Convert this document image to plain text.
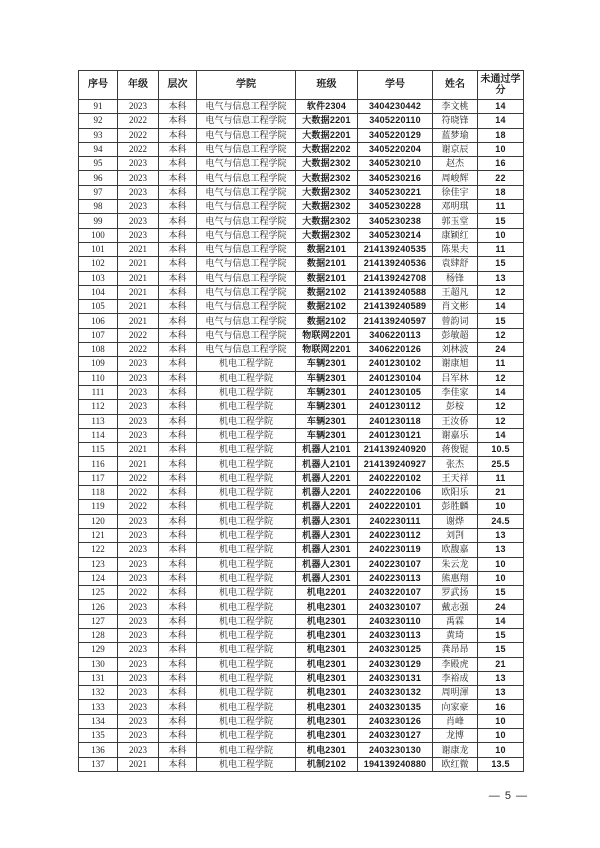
序号	年级	层次	学院	班级	学号	姓名	未通过学分
91	2023	本科	电气与信息工程学院	软件2304	3404230442	李文桃	14
92	2022	本科	电气与信息工程学院	大数据2201	3405220110	符晓锋	14
93	2022	本科	电气与信息工程学院	大数据2201	3405220129	蓝梦瑜	18
94	2022	本科	电气与信息工程学院	大数据2202	3405220204	谢京辰	10
95	2023	本科	电气与信息工程学院	大数据2302	3405230210	赵杰	16
96	2023	本科	电气与信息工程学院	大数据2302	3405230216	周峻辉	22
97	2023	本科	电气与信息工程学院	大数据2302	3405230221	徐佳宇	18
98	2023	本科	电气与信息工程学院	大数据2302	3405230228	邓明琪	11
99	2023	本科	电气与信息工程学院	大数据2302	3405230238	郭玉堂	15
100	2023	本科	电气与信息工程学院	大数据2302	3405230214	康颖红	10
101	2021	本科	电气与信息工程学院	数据2101	214139240535	陈果夫	11
102	2021	本科	电气与信息工程学院	数据2101	214139240536	袁肆舒	15
103	2021	本科	电气与信息工程学院	数据2101	214139242708	杨锋	13
104	2021	本科	电气与信息工程学院	数据2102	214139240588	王超凡	12
105	2021	本科	电气与信息工程学院	数据2102	214139240589	肖文彬	14
106	2021	本科	电气与信息工程学院	数据2102	214139240597	曾韵词	15
107	2022	本科	电气与信息工程学院	物联网2201	3406220113	彭敏超	12
108	2022	本科	电气与信息工程学院	物联网2201	3406220126	刘林波	24
109	2023	本科	机电工程学院	车辆2301	2401230102	谢康旭	11
110	2023	本科	机电工程学院	车辆2301	2401230104	吕军林	12
111	2023	本科	机电工程学院	车辆2301	2401230105	李佳家	14
112	2023	本科	机电工程学院	车辆2301	2401230112	彭桉	12
113	2023	本科	机电工程学院	车辆2301	2401230118	王汝侨	12
114	2023	本科	机电工程学院	车辆2301	2401230121	谢嘉乐	14
115	2021	本科	机电工程学院	机器人2101	214139240920	蒋俊锟	10.5
116	2021	本科	机电工程学院	机器人2101	214139240927	张杰	25.5
117	2022	本科	机电工程学院	机器人2201	2402220102	王天祥	11
118	2022	本科	机电工程学院	机器人2201	2402220106	欧阳乐	21
119	2022	本科	机电工程学院	机器人2201	2402220101	彭胜麟	10
120	2023	本科	机电工程学院	机器人2301	2402230111	谢烨	24.5
121	2023	本科	机电工程学院	机器人2301	2402230112	刘剀	13
122	2023	本科	机电工程学院	机器人2301	2402230119	欧馥嘉	13
123	2023	本科	机电工程学院	机器人2301	2402230107	朱云龙	10
124	2023	本科	机电工程学院	机器人2301	2402230113	熊惠翔	10
125	2022	本科	机电工程学院	机电2201	2403220107	罗武扬	15
126	2023	本科	机电工程学院	机电2301	2403230107	戴志强	24
127	2023	本科	机电工程学院	机电2301	2403230110	禹霖	14
128	2023	本科	机电工程学院	机电2301	2403230113	黄琦	15
129	2023	本科	机电工程学院	机电2301	2403230125	龚昂昂	15
130	2023	本科	机电工程学院	机电2301	2403230129	李殿虎	21
131	2023	本科	机电工程学院	机电2301	2403230131	李裕成	13
132	2023	本科	机电工程学院	机电2301	2403230132	周明渾	13
133	2023	本科	机电工程学院	机电2301	2403230135	向家豪	16
134	2023	本科	机电工程学院	机电2301	2403230126	肖峰	10
135	2023	本科	机电工程学院	机电2301	2403230127	龙博	10
136	2023	本科	机电工程学院	机电2301	2403230130	谢康龙	10
137	2021	本科	机电工程学院	机制2102	194139240880	欧红微	13.5
— 5 —
